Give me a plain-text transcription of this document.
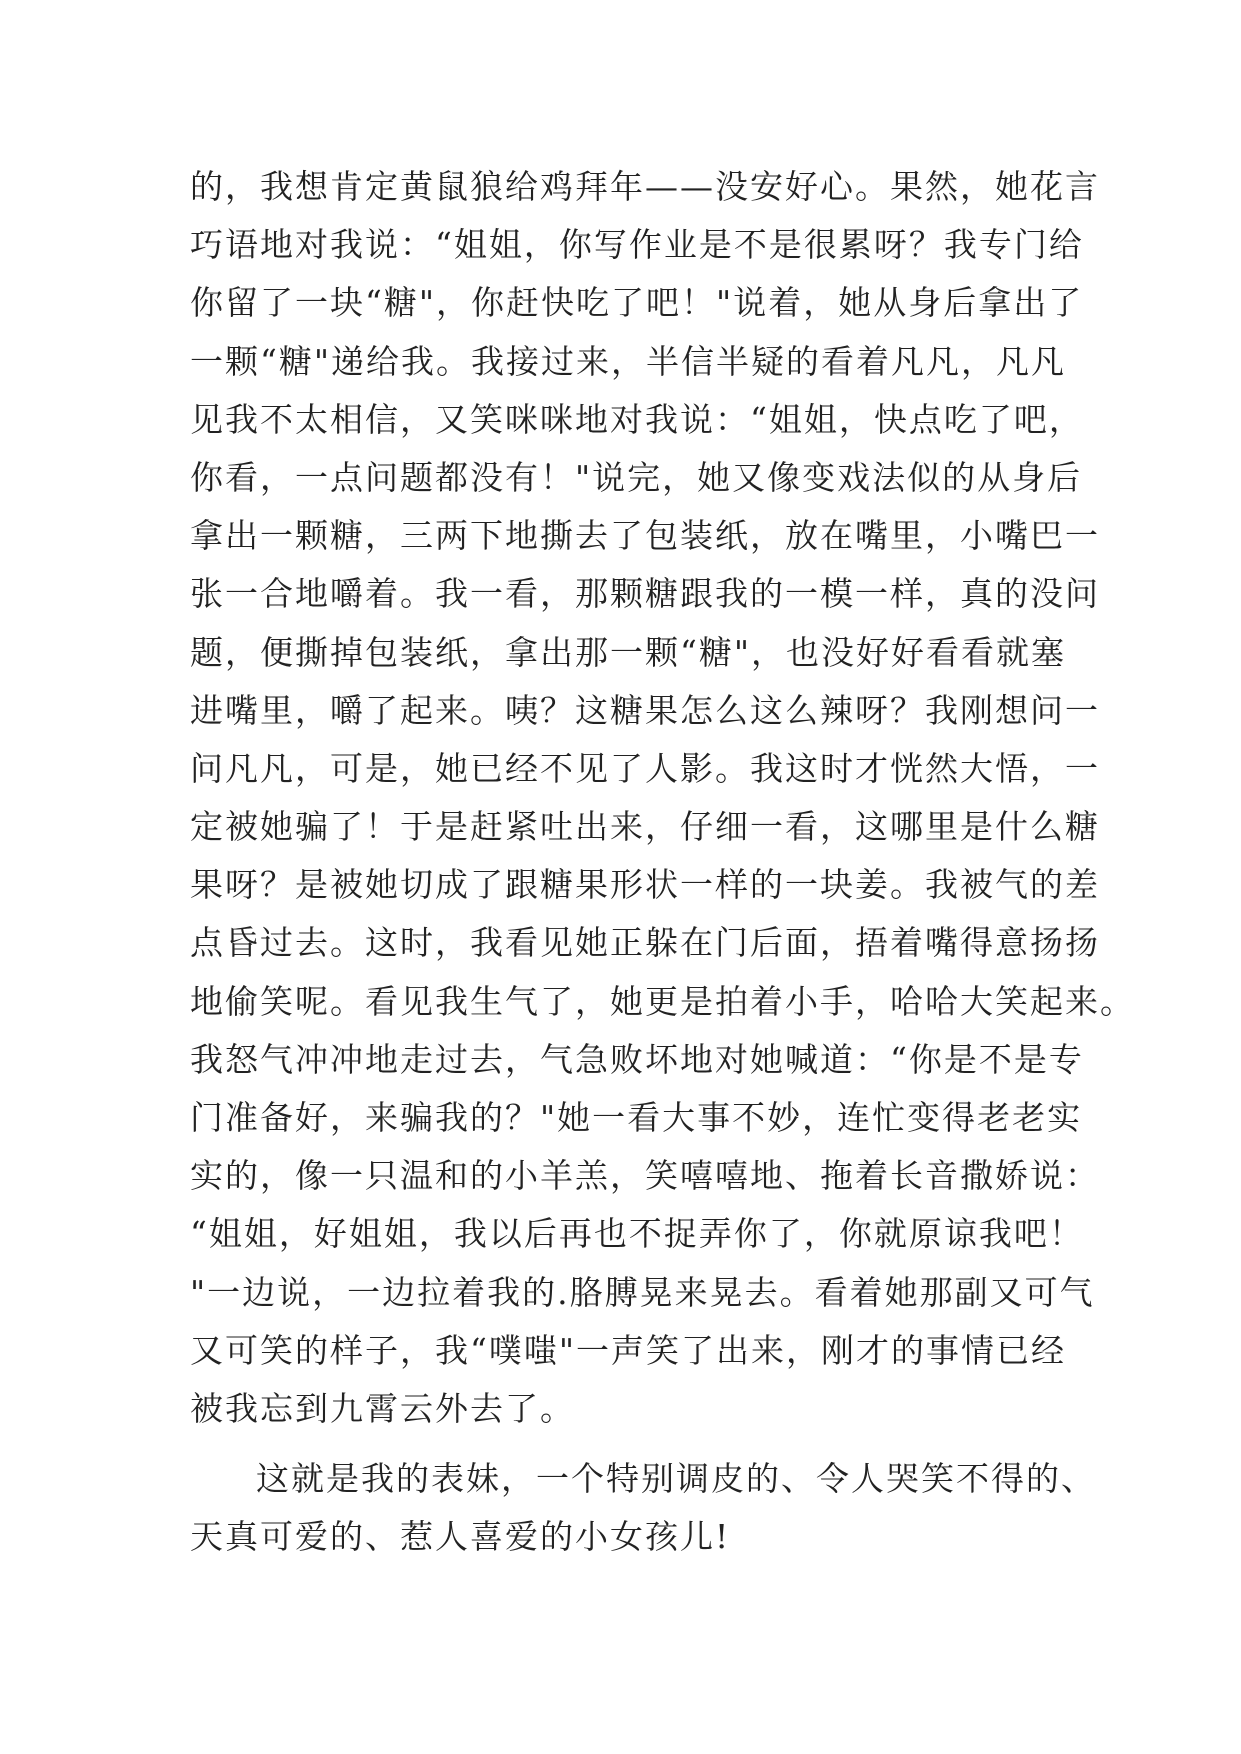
的，我想肯定黄鼠狼给鸡拜年——没安好心。果然，她花言
巧语地对我说：“姐姐，你写作业是不是很累呀？我专门给
你留了一块“糖"，你赶快吃了吧！"说着，她从身后拿出了
一颗“糖"递给我。我接过来，半信半疑的看着凡凡，凡凡
见我不太相信，又笑咪咪地对我说：“姐姐，快点吃了吧，
你看，一点问题都没有！"说完，她又像变戏法似的从身后
拿出一颗糖，三两下地撕去了包装纸，放在嘴里，小嘴巴一
张一合地嚼着。我一看，那颗糖跟我的一模一样，真的没问
题，便撕掉包装纸，拿出那一颗“糖"，也没好好看看就塞
进嘴里，嚼了起来。咦？这糖果怎么这么辣呀？我刚想问一
问凡凡，可是，她已经不见了人影。我这时才恍然大悟，一
定被她骗了！于是赶紧吐出来，仔细一看，这哪里是什么糖
果呀？是被她切成了跟糖果形状一样的一块姜。我被气的差
点昏过去。这时，我看见她正躲在门后面，捂着嘴得意扬扬
地偷笑呢。看见我生气了，她更是拍着小手，哈哈大笑起来。
我怒气冲冲地走过去，气急败坏地对她喊道：“你是不是专
门准备好，来骗我的？"她一看大事不妙，连忙变得老老实
实的，像一只温和的小羊羔，笑嘻嘻地、拖着长音撒娇说：
“姐姐，好姐姐，我以后再也不捉弄你了，你就原谅我吧！
"一边说，一边拉着我的.胳膊晃来晃去。看着她那副又可气
又可笑的样子，我“噗嗤"一声笑了出来，刚才的事情已经
被我忘到九霄云外去了。
这就是我的表妹，一个特别调皮的、令人哭笑不得的、
天真可爱的、惹人喜爱的小女孩儿!
